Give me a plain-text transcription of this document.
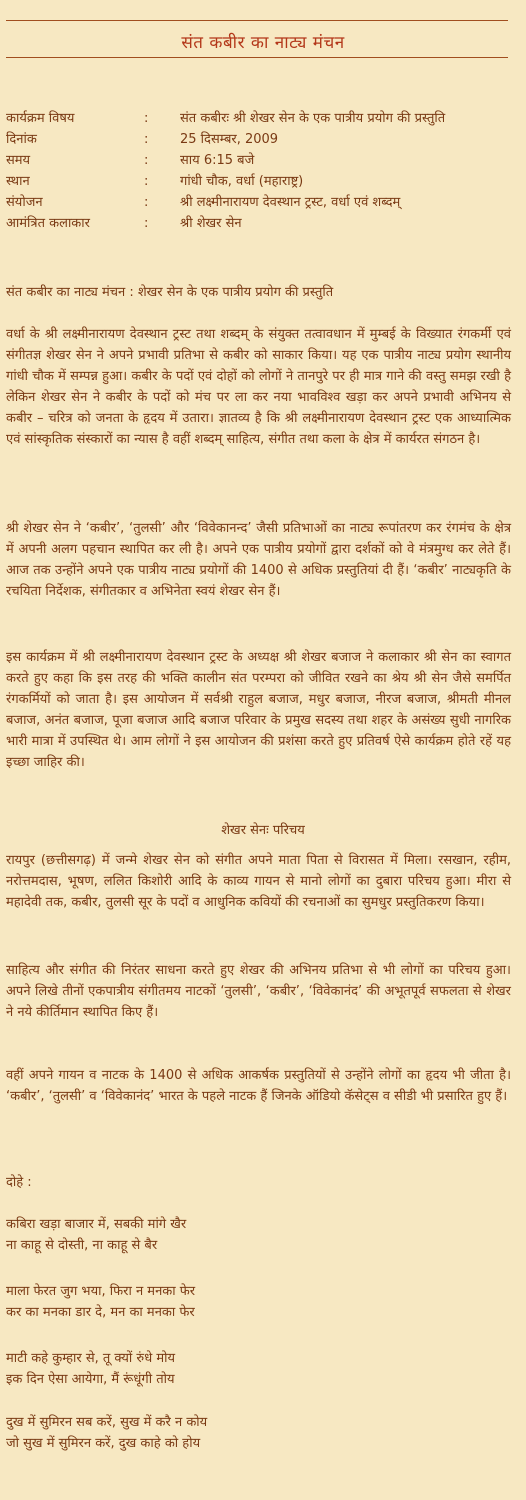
संत कबीर का नाट्य मंचन
कार्यक्रम विषय	:	संत कबीरः श्री शेखर सेन के एक पात्रीय प्रयोग की प्रस्तुति
दिनांक	:	25 दिसम्बर, 2009
समय	:	साय 6:15 बजे
स्थान	:	गांधी चौक, वर्धा (महाराष्ट्र)
संयोजन	:	श्री लक्ष्मीनारायण देवस्थान ट्रस्ट, वर्धा एवं शब्दम्
आमंत्रित कलाकार	:	श्री शेखर सेन
संत कबीर का नाट्य मंचन : शेखर सेन के एक पात्रीय प्रयोग की प्रस्तुति
वर्धा के श्री लक्ष्मीनारायण देवस्थान ट्रस्ट तथा शब्दम् के संयुक्त तत्वावधान में मुम्बई के विख्यात रंगकर्मी एवं संगीतज्ञ शेखर सेन ने अपने प्रभावी प्रतिभा से कबीर को साकार किया। यह एक पात्रीय नाट्य प्रयोग स्थानीय गांधी चौक में सम्पन्न हुआ। कबीर के पदों एवं दोहों को लोगों ने तानपुरे पर ही मात्र गाने की वस्तु समझ रखी है लेकिन शेखर सेन ने कबीर के पदों को मंच पर ला कर नया भावविश्व खड़ा कर अपने प्रभावी अभिनय से कबीर – चरित्र को जनता के हृदय में उतारा। ज्ञातव्य है कि श्री लक्ष्मीनारायण देवस्थान ट्रस्ट एक आध्यात्मिक एवं सांस्कृतिक संस्कारों का न्यास है वहीं शब्दम् साहित्य, संगीत तथा कला के क्षेत्र में कार्यरत संगठन है।
श्री शेखर सेन ने ‘कबीर’, ‘तुलसी’ और ‘विवेकानन्द’ जैसी प्रतिभाओं का नाट्य रूपांतरण कर रंगमंच के क्षेत्र में अपनी अलग पहचान स्थापित कर ली है। अपने एक पात्रीय प्रयोगों द्वारा दर्शकों को वे मंत्रमुग्ध कर लेते हैं। आज तक उन्होंने अपने एक पात्रीय नाट्य प्रयोगों की 1400 से अधिक प्रस्तुतियां दी हैं। ‘कबीर’ नाट्यकृति के रचयिता निर्देशक, संगीतकार व अभिनेता स्वयं शेखर सेन हैं।
इस कार्यक्रम में श्री लक्ष्मीनारायण देवस्थान ट्रस्ट के अध्यक्ष श्री शेखर बजाज ने कलाकार श्री सेन का स्वागत करते हुए कहा कि इस तरह की भक्ति कालीन संत परम्परा को जीवित रखने का श्रेय श्री सेन जैसे समर्पित रंगकर्मियों को जाता है। इस आयोजन में सर्वश्री राहुल बजाज, मधुर बजाज, नीरज बजाज, श्रीमती मीनल बजाज, अनंत बजाज, पूजा बजाज आदि बजाज परिवार के प्रमुख सदस्य तथा शहर के असंख्य सुधी नागरिक भारी मात्रा में उपस्थित थे। आम लोगों ने इस आयोजन की प्रशंसा करते हुए प्रतिवर्ष ऐसे कार्यक्रम होते रहें यह इच्छा जाहिर की।
शेखर सेनः परिचय
रायपुर (छत्तीसगढ़) में जन्मे शेखर सेन को संगीत अपने माता पिता से विरासत में मिला। रसखान, रहीम, नरोत्तमदास, भूषण, ललित किशोरी आदि के काव्य गायन से मानो लोगों का दुबारा परिचय हुआ। मीरा से महादेवी तक, कबीर, तुलसी सूर के पदों व आधुनिक कवियों की रचनाओं का सुमधुर प्रस्तुतिकरण किया।
साहित्य और संगीत की निरंतर साधना करते हुए शेखर की अभिनय प्रतिभा से भी लोगों का परिचय हुआ। अपने लिखे तीनों एकपात्रीय संगीतमय नाटकों ‘तुलसी’, ‘कबीर’, ‘विवेकानंद’ की अभूतपूर्व सफलता से शेखर ने नये कीर्तिमान स्थापित किए हैं।
वहीं अपने गायन व नाटक के 1400 से अधिक आकर्षक प्रस्तुतियों से उन्होंने लोगों का हृदय भी जीता है। ‘कबीर’, ‘तुलसी’ व ‘विवेकानंद’ भारत के पहले नाटक हैं जिनके ऑडियो कॅसेट्स व सीडी भी प्रसारित हुए हैं।
दोहे :
कबिरा खड़ा बाजार में, सबकी मांगे खैर
ना काहू से दोस्ती, ना काहू से बैर
माला फेरत जुग भया, फिरा न मनका फेर
कर का मनका डार दे, मन का मनका फेर
माटी कहे कुम्हार से, तू क्यों रुंधे मोय
इक दिन ऐसा आयेगा, मैं रूंधूंगी तोय
दुख में सुमिरन सब करें, सुख में करै न कोय
जो सुख में सुमिरन करें, दुख काहे को होय
